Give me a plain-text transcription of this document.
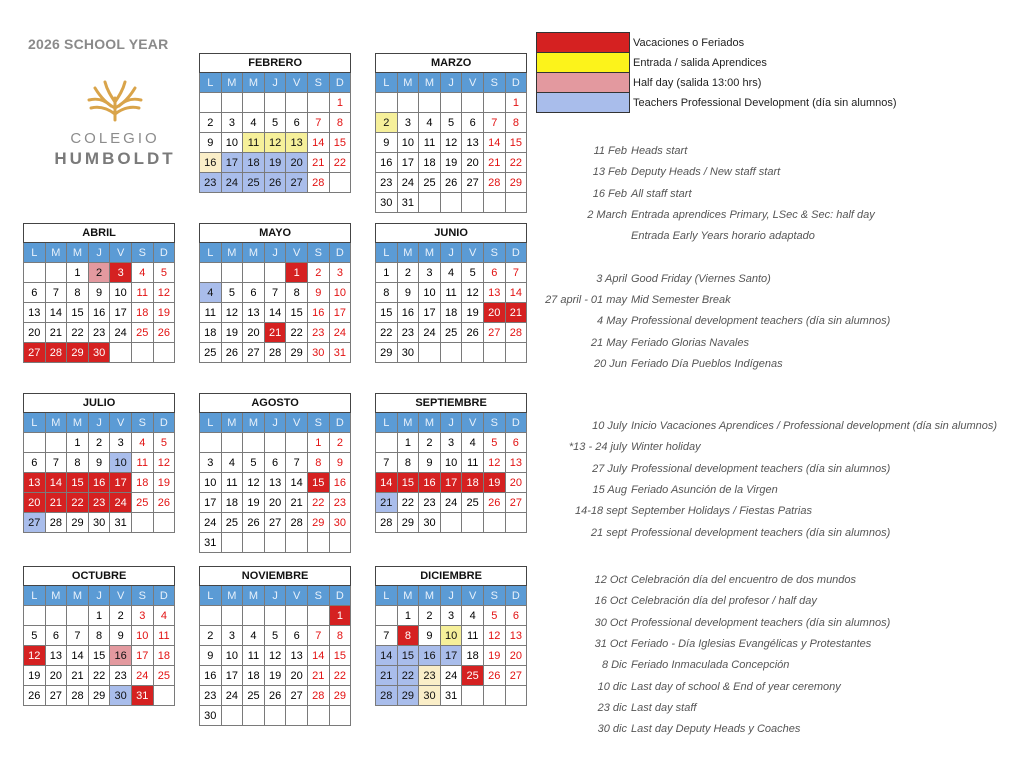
2026 SCHOOL YEAR
COLEGIO
HUMBOLDT
	Vacaciones o Feriados
	Entrada / salida Aprendices
	Half day (salida 13:00 hrs)
	Teachers Professional Development (día sin alumnos)
FEBRERO						
L	M	M	J	V	S	D
						1
2	3	4	5	6	7	8
9	10	11	12	13	14	15
16	17	18	19	20	21	22
23	24	25	26	27	28	
MARZO						
L	M	M	J	V	S	D
						1
2	3	4	5	6	7	8
9	10	11	12	13	14	15
16	17	18	19	20	21	22
23	24	25	26	27	28	29
30	31					
ABRIL						
L	M	M	J	V	S	D
		1	2	3	4	5
6	7	8	9	10	11	12
13	14	15	16	17	18	19
20	21	22	23	24	25	26
27	28	29	30			
MAYO						
L	M	M	J	V	S	D
				1	2	3
4	5	6	7	8	9	10
11	12	13	14	15	16	17
18	19	20	21	22	23	24
25	26	27	28	29	30	31
JUNIO						
L	M	M	J	V	S	D
1	2	3	4	5	6	7
8	9	10	11	12	13	14
15	16	17	18	19	20	21
22	23	24	25	26	27	28
29	30					
JULIO						
L	M	M	J	V	S	D
		1	2	3	4	5
6	7	8	9	10	11	12
13	14	15	16	17	18	19
20	21	22	23	24	25	26
27	28	29	30	31		
AGOSTO						
L	M	M	J	V	S	D
					1	2
3	4	5	6	7	8	9
10	11	12	13	14	15	16
17	18	19	20	21	22	23
24	25	26	27	28	29	30
31						
SEPTIEMBRE						
L	M	M	J	V	S	D
	1	2	3	4	5	6
7	8	9	10	11	12	13
14	15	16	17	18	19	20
21	22	23	24	25	26	27
28	29	30				
OCTUBRE						
L	M	M	J	V	S	D
			1	2	3	4
5	6	7	8	9	10	11
12	13	14	15	16	17	18
19	20	21	22	23	24	25
26	27	28	29	30	31	
NOVIEMBRE						
L	M	M	J	V	S	D
						1
2	3	4	5	6	7	8
9	10	11	12	13	14	15
16	17	18	19	20	21	22
23	24	25	26	27	28	29
30						
DICIEMBRE						
L	M	M	J	V	S	D
	1	2	3	4	5	6
7	8	9	10	11	12	13
14	15	16	17	18	19	20
21	22	23	24	25	26	27
28	29	30	31			
11 Feb Heads start
13 Feb Deputy Heads / New staff start
16 Feb All staff start
2 March Entrada aprendices Primary, LSec & Sec: half day
Entrada Early Years horario adaptado
3 April Good Friday (Viernes Santo)
27 april - 01 may Mid Semester Break
4 May Professional development teachers (día sin alumnos)
21 May Feriado Glorias Navales
20 Jun Feriado Día Pueblos Indígenas
10 July Inicio Vacaciones Aprendices / Professional development (día sin alumnos)
*13 - 24 july Winter holiday
27 July Professional development teachers (día sin alumnos)
15 Aug Feriado Asunción de la Virgen
14-18 sept September Holidays / Fiestas Patrias
21 sept Professional development teachers (día sin alumnos)
12 Oct Celebración día del encuentro de dos mundos
16 Oct Celebración día del profesor / half day
30 Oct Professional development teachers (día sin alumnos)
31 Oct Feriado - Día Iglesias Evangélicas y Protestantes
8 Dic Feriado Inmaculada Concepción
10 dic Last day of school & End of year ceremony
23 dic Last day staff
30 dic Last day Deputy Heads y Coaches
